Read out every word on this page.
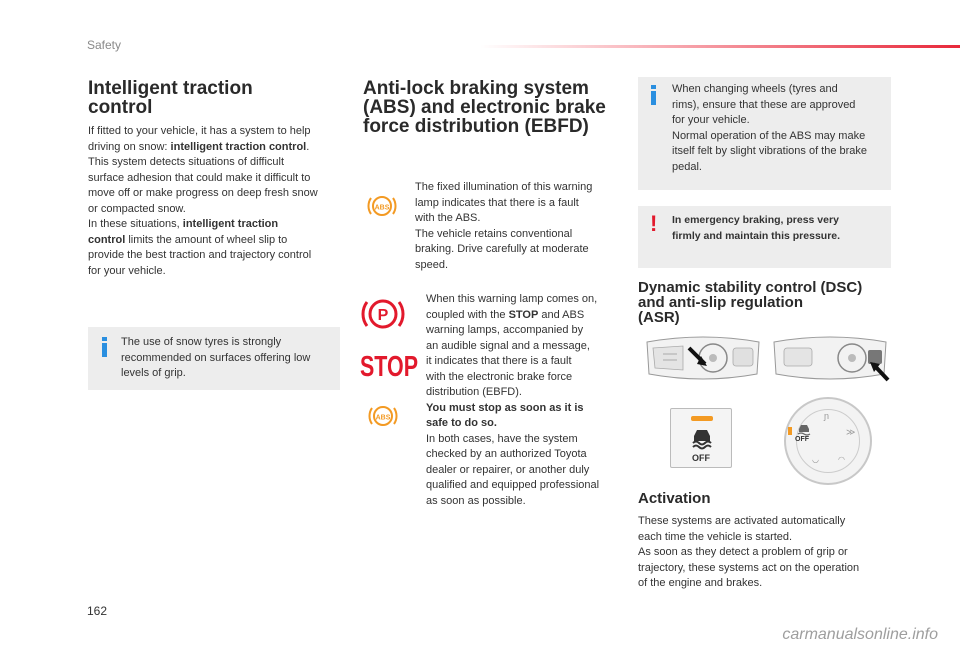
Safety
Intelligent traction
control

If fitted to your vehicle, it has a system to help

driving on snow: intelligent traction control.

This system detects situations of difficult

surface adhesion that could make it difficult to

move off or make progress on deep fresh snow

or compacted snow.

In these situations, intelligent traction

control limits the amount of wheel slip to

provide the best traction and trajectory control

for your vehicle.

The use of snow tyres is strongly

recommended on surfaces offering low

levels of grip.

Anti-lock braking system
(ABS) and electronic brake
force distribution (EBFD)
ABS

The fixed illumination of this warning

lamp indicates that there is a fault

with the ABS.

The vehicle retains conventional

braking. Drive carefully at moderate

speed.

P
STOP
ABS

When this warning lamp comes on,

coupled with the STOP and ABS

warning lamps, accompanied by

an audible signal and a message,

it indicates that there is a fault

with the electronic brake force

distribution (EBFD).

You must stop as soon as it is

safe to do so.

In both cases, have the system

checked by an authorized Toyota

dealer or repairer, or another duly

qualified and equipped professional

as soon as possible.

When changing wheels (tyres and

rims), ensure that these are approved

for your vehicle.

Normal operation of the ABS may make

itself felt by slight vibrations of the brake

pedal.

! In emergency braking, press very

firmly and maintain this pressure.

Dynamic stability control (DSC)
and anti-slip regulation
(ASR)
OFF
OFF
ɲ
≫
◡ ◠
Activation

These systems are activated automatically

each time the vehicle is started.

As soon as they detect a problem of grip or

trajectory, these systems act on the operation

of the engine and brakes.

162
carmanualsonline.info
